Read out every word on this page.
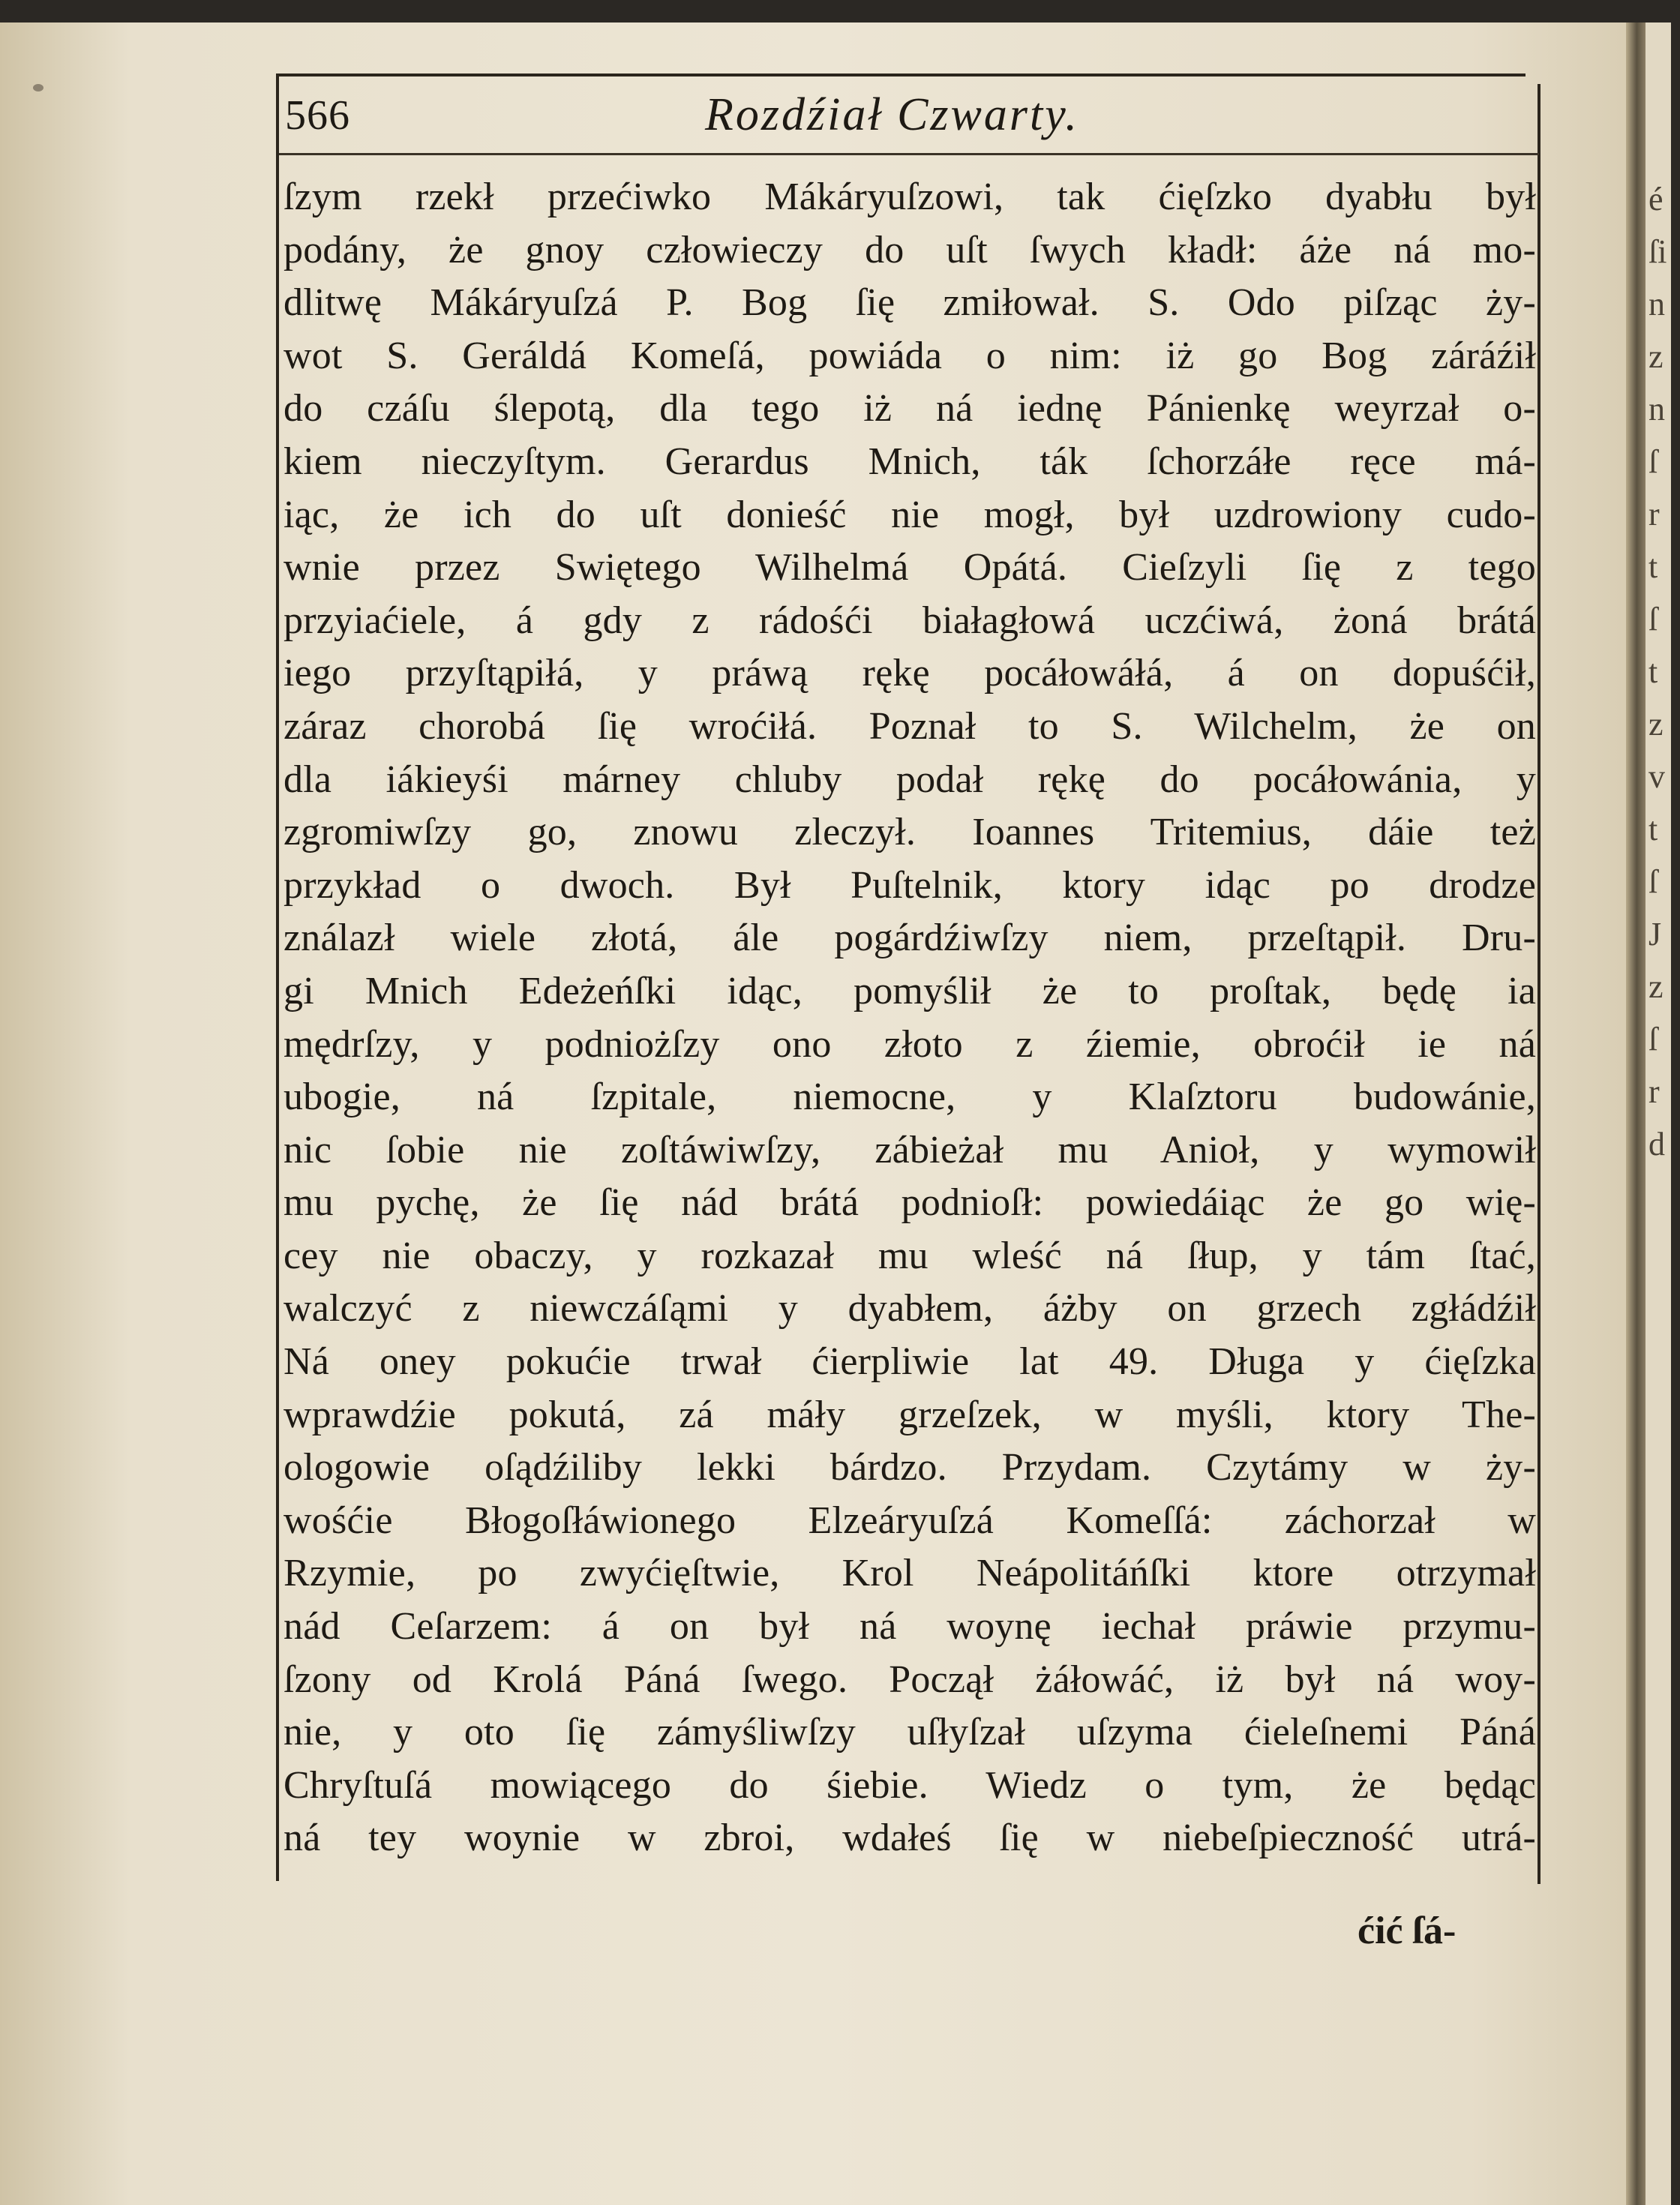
é
ſi
n
z
n
ſ
r
t
ſ
t
z
v
t
ſ
J
z
ſ
r
d
566	Rozdźiał Czwarty.
ſzym rzekł przećiwko Mákáryuſzowi, tak ćięſzko dyabłu był
podány, że gnoy człowieczy do uſt ſwych kładł: áże ná mo-
dlitwę Mákáryuſzá P. Bog ſię zmiłował. S. Odo piſząc ży-
wot S. Geráldá Komeſá, powiáda o nim: iż go Bog záráźił
do czáſu ślepotą, dla tego iż ná iednę Pánienkę weyrzał o-
kiem nieczyſtym. Gerardus Mnich, ták ſchorzáłe ręce má-
iąc, że ich do uſt donieść nie mogł, był uzdrowiony cudo-
wnie przez Swiętego Wilhelmá Opátá. Cieſzyli ſię z tego
przyiaćiele, á gdy z rádośći białagłowá uczćiwá, żoná brátá
iego przyſtąpiłá, y práwą rękę pocáłowáłá, á on dopuśćił,
záraz chorobá ſię wroćiłá. Poznał to S. Wilchelm, że on
dla iákieyśi márney chluby podał rękę do pocáłowánia, y
zgromiwſzy go, znowu zleczył. Ioannes Tritemius, dáie też
przykład o dwoch. Był Puſtelnik, ktory idąc po drodze
ználazł wiele złotá, ále pogárdźiwſzy niem, przeſtąpił. Dru-
gi Mnich Edeżeńſki idąc, pomyślił że to proſtak, będę ia
mędrſzy, y podniożſzy ono złoto z źiemie, obroćił ie ná
ubogie, ná ſzpitale, niemocne, y Klaſztoru budowánie,
nic ſobie nie zoſtáwiwſzy, zábieżał mu Anioł, y wymowił
mu pychę, że ſię nád brátá podnioſł: powiedáiąc że go wię-
cey nie obaczy, y rozkazał mu wleść ná ſłup, y tám ſtać,
walczyć z niewczáſąmi y dyabłem, áżby on grzech zgłádźił
Ná oney pokućie trwał ćierpliwie lat 49. Długa y ćięſzka
wprawdźie pokutá, zá máły grzeſzek, w myśli, ktory The-
ologowie oſądźiliby lekki bárdzo. Przydam. Czytámy w ży-
wośćie Błogoſłáwionego Elzeáryuſzá Komeſſá: záchorzał w
Rzymie, po zwyćięſtwie, Krol Neápolitáńſki ktore otrzymał
nád Ceſarzem: á on był ná woynę iechał práwie przymu-
ſzony od Krolá Páná ſwego. Począł żáłowáć, iż był ná woy-
nie, y oto ſię zámyśliwſzy uſłyſzał uſzyma ćieleſnemi Páná
Chryſtuſá mowiącego do śiebie. Wiedz o tym, że będąc
ná tey woynie w zbroi, wdałeś ſię w niebeſpieczność utrá-
ćić ſá-
